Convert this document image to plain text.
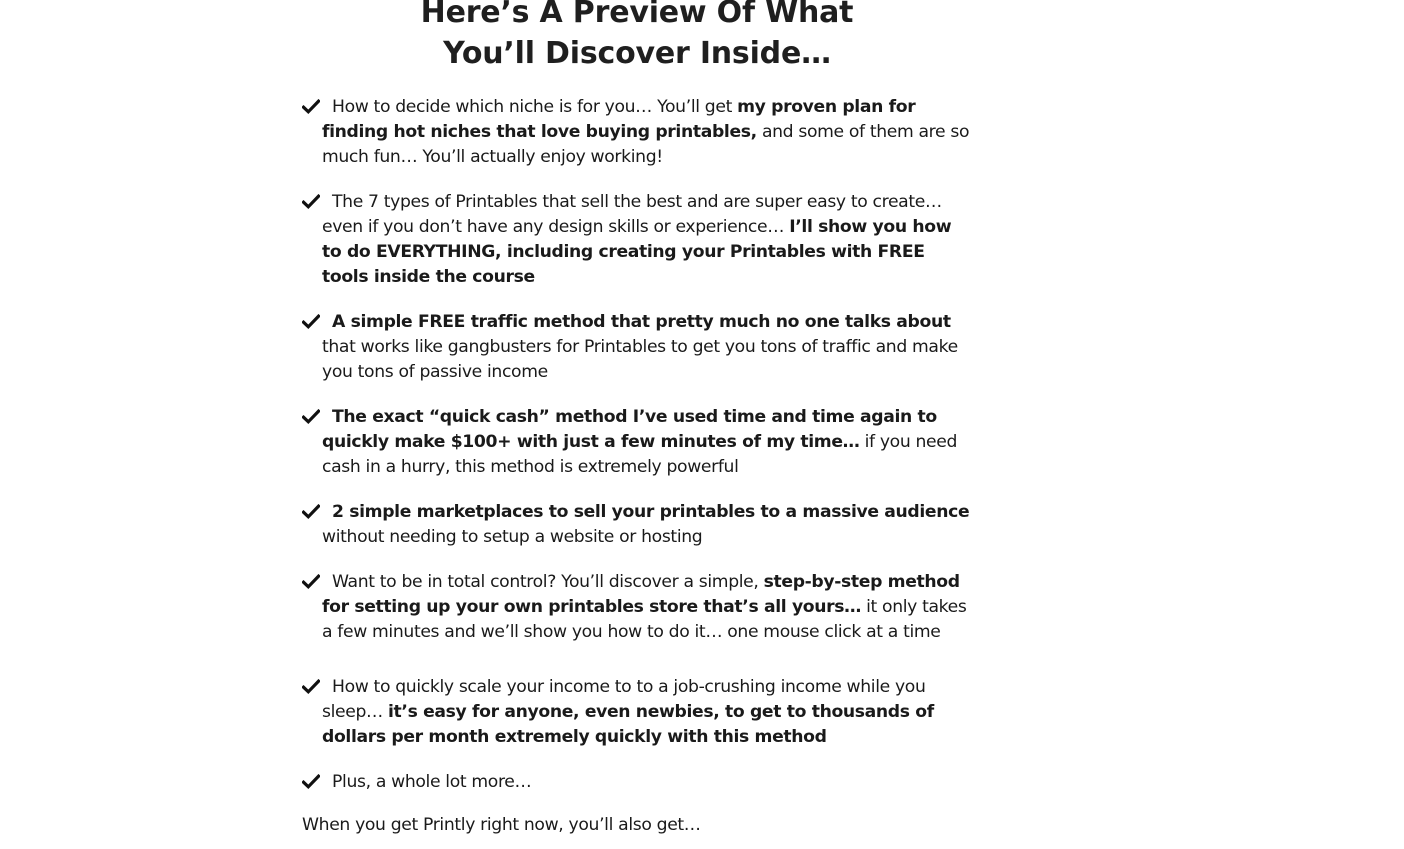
Here’s A Preview Of What
You’ll Discover Inside…
How to decide which niche is for you… You’ll get my proven plan for finding hot niches that love buying printables, and some of them are so much fun… You’ll actually enjoy working!
The 7 types of Printables that sell the best and are super easy to create… even if you don’t have any design skills or experience… I’ll show you how to do EVERYTHING, including creating your Printables with FREE tools inside the course
A simple FREE traffic method that pretty much no one talks about that works like gangbusters for Printables to get you tons of traffic and make you tons of passive income
The exact “quick cash” method I’ve used time and time again to quickly make $100+ with just a few minutes of my time… if you need cash in a hurry, this method is extremely powerful
2 simple marketplaces to sell your printables to a massive audience without needing to setup a website or hosting
Want to be in total control? You’ll discover a simple, step-by-step method for setting up your own printables store that’s all yours… it only takes a few minutes and we’ll show you how to do it… one mouse click at a time
How to quickly scale your income to to a job-crushing income while you sleep… it’s easy for anyone, even newbies, to get to thousands of dollars per month extremely quickly with this method
Plus, a whole lot more…

When you get Printly right now, you’ll also get…
